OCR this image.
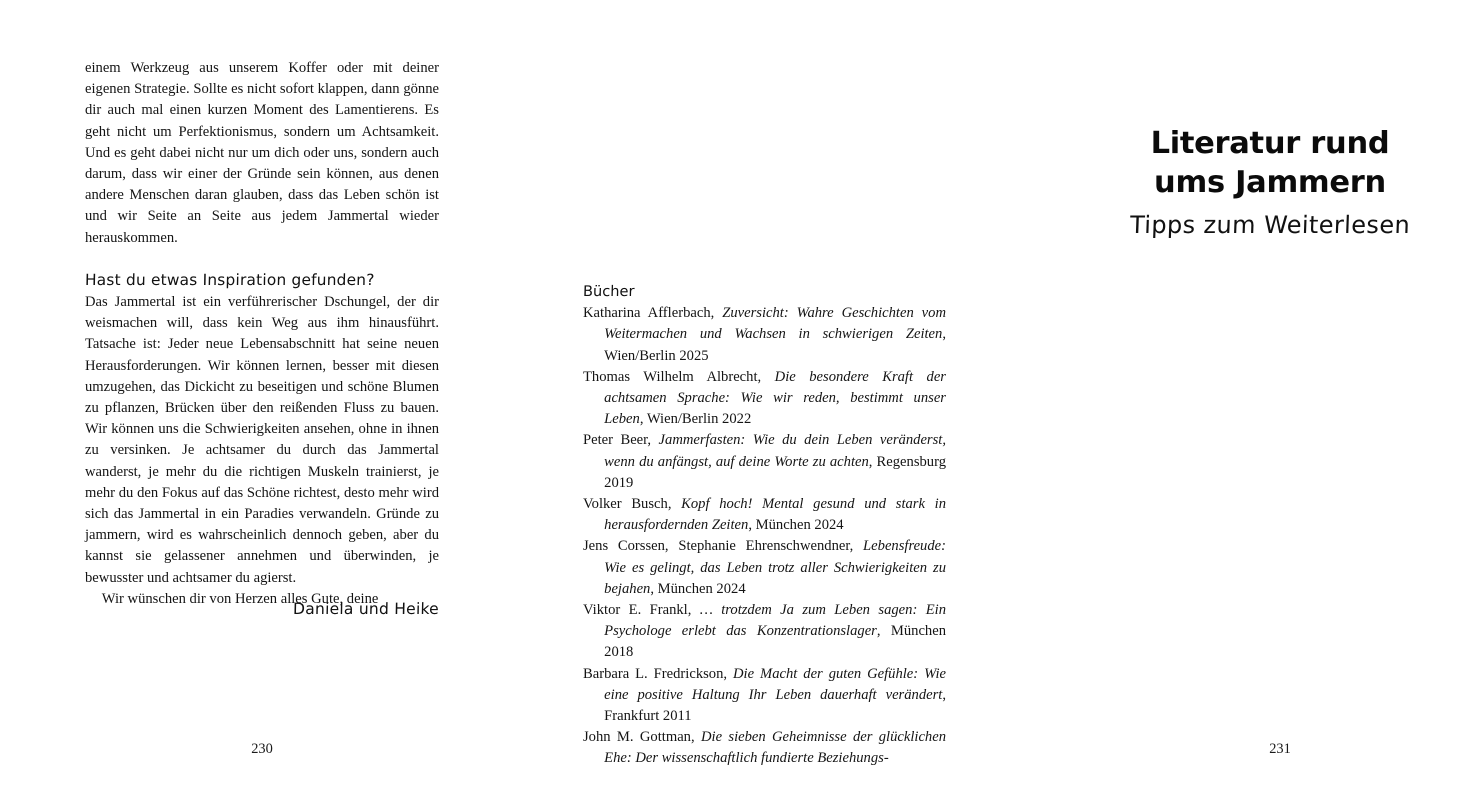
einem Werkzeug aus unserem Koffer oder mit deiner eigenen Strategie. Sollte es nicht sofort klappen, dann gönne dir auch mal einen kurzen Moment des Lamentierens. Es geht nicht um Perfektionismus, sondern um Achtsamkeit. Und es geht dabei nicht nur um dich oder uns, sondern auch darum, dass wir einer der Gründe sein können, aus denen andere Menschen daran glauben, dass das Leben schön ist und wir Seite an Seite aus jedem Jammertal wieder herauskommen.

Hast du etwas Inspiration gefunden?

Das Jammertal ist ein verführerischer Dschungel, der dir weismachen will, dass kein Weg aus ihm hinausführt. Tatsache ist: Jeder neue Lebensabschnitt hat seine neuen Herausforderungen. Wir können lernen, besser mit diesen umzugehen, das Dickicht zu beseitigen und schöne Blumen zu pflanzen, Brücken über den reißenden Fluss zu bauen. Wir können uns die Schwierigkeiten ansehen, ohne in ihnen zu versinken. Je achtsamer du durch das Jammertal wanderst, je mehr du die richtigen Muskeln trainierst, je mehr du den Fokus auf das Schöne richtest, desto mehr wird sich das Jammertal in ein Paradies verwandeln. Gründe zu jammern, wird es wahrscheinlich dennoch geben, aber du kannst sie gelassener annehmen und überwinden, je bewusster und achtsamer du agierst.

Wir wünschen dir von Herzen alles Gute, deine

Daniela und Heike
230
Literatur rund
ums Jammern
Tipps zum Weiterlesen
Bücher
Katharina Afflerbach, Zuversicht: Wahre Geschichten vom Weitermachen und Wachsen in schwierigen Zeiten, Wien/Berlin 2025
Thomas Wilhelm Albrecht, Die besondere Kraft der achtsamen Sprache: Wie wir reden, bestimmt unser Leben, Wien/Berlin 2022
Peter Beer, Jammerfasten: Wie du dein Leben veränderst, wenn du anfängst, auf deine Worte zu achten, Regensburg 2019
Volker Busch, Kopf hoch! Mental gesund und stark in herausfordernden Zeiten, München 2024
Jens Corssen, Stephanie Ehrenschwendner, Lebensfreude: Wie es gelingt, das Leben trotz aller Schwierigkeiten zu bejahen, München 2024
Viktor E. Frankl, … trotzdem Ja zum Leben sagen: Ein Psychologe erlebt das Konzentrationslager, München 2018
Barbara L. Fredrickson, Die Macht der guten Gefühle: Wie eine positive Haltung Ihr Leben dauerhaft verändert, Frankfurt 2011
John M. Gottman, Die sieben Geheimnisse der glücklichen Ehe: Der wissenschaftlich fundierte Beziehungs-
231
